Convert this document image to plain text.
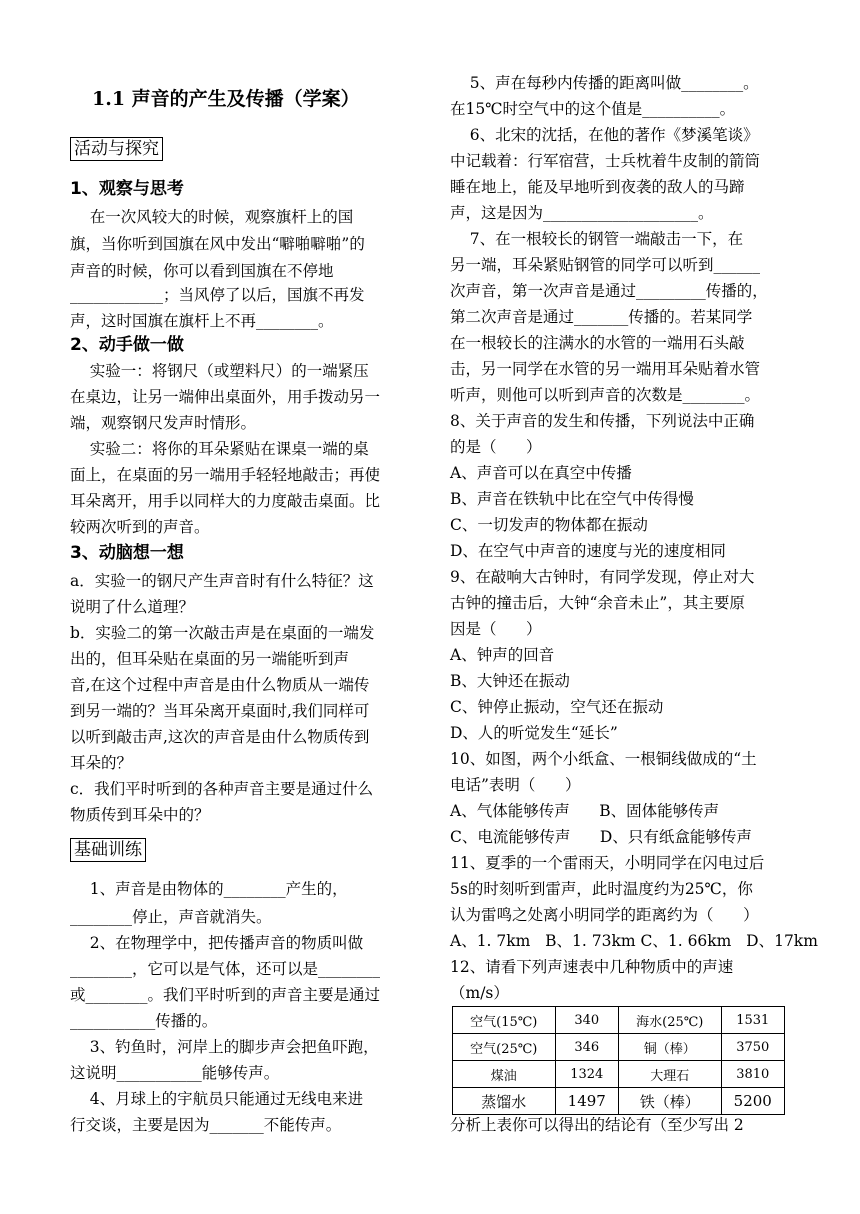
1.1 声音的产生及传播（学案）
活动与探究
1、观察与思考
在一次风较大的时候，观察旗杆上的国
旗，当你听到国旗在风中发出“噼啪噼啪”的
声音的时候，你可以看到国旗在不停地
____________；当风停了以后，国旗不再发
声，这时国旗在旗杆上不再________。
2、动手做一做
实验一：将钢尺（或塑料尺）的一端紧压
在桌边，让另一端伸出桌面外，用手拨动另一
端，观察钢尺发声时情形。
实验二：将你的耳朵紧贴在课桌一端的桌
面上，在桌面的另一端用手轻轻地敲击；再使
耳朵离开，用手以同样大的力度敲击桌面。比
较两次听到的声音。
3、动脑想一想
a．实验一的钢尺产生声音时有什么特征？这
说明了什么道理？
b．实验二的第一次敲击声是在桌面的一端发
出的，但耳朵贴在桌面的另一端能听到声
音,在这个过程中声音是由什么物质从一端传
到另一端的？当耳朵离开桌面时,我们同样可
以听到敲击声,这次的声音是由什么物质传到
耳朵的？
c．我们平时听到的各种声音主要是通过什么
物质传到耳朵中的？
基础训练
1、声音是由物体的________产生的，
________停止，声音就消失。
2、在物理学中，把传播声音的物质叫做
________，它可以是气体，还可以是________
或________。我们平时听到的声音主要是通过
___________传播的。
3、钓鱼时，河岸上的脚步声会把鱼吓跑，
这说明___________能够传声。
4、月球上的宇航员只能通过无线电来进
行交谈，主要是因为_______不能传声。
5、声在每秒内传播的距离叫做________。
在15℃时空气中的这个值是__________。
6、北宋的沈括，在他的著作《梦溪笔谈》
中记载着：行军宿营，士兵枕着牛皮制的箭筒
睡在地上，能及早地听到夜袭的敌人的马蹄
声，这是因为____________________。
7、在一根较长的钢管一端敲击一下，在
另一端，耳朵紧贴钢管的同学可以听到______
次声音，第一次声音是通过_________传播的，
第二次声音是通过_______传播的。若某同学
在一根较长的注满水的水管的一端用石头敲
击，另一同学在水管的另一端用耳朵贴着水管
听声，则他可以听到声音的次数是________。
8、关于声音的发生和传播，下列说法中正确
的是（      ）
A、声音可以在真空中传播
B、声音在铁轨中比在空气中传得慢
C、一切发声的物体都在振动
D、在空气中声音的速度与光的速度相同
9、在敲响大古钟时，有同学发现，停止对大
古钟的撞击后，大钟“余音未止”，其主要原
因是（      ）
A、钟声的回音
B、大钟还在振动
C、钟停止振动，空气还在振动
D、人的听觉发生“延长”
10、如图，两个小纸盒、一根铜线做成的“土
电话”表明（      ）
A、气体能够传声      B、固体能够传声
C、电流能够传声      D、只有纸盒能够传声
11、夏季的一个雷雨天，小明同学在闪电过后
5s的时刻听到雷声，此时温度约为25℃，你
认为雷鸣之处离小明同学的距离约为（      ）
A、1. 7km   B、1. 73km C、1. 66km   D、17km
12、请看下列声速表中几种物质中的声速
（m/s）
空气(15℃)	340	海水(25℃)	1531
空气(25℃)	346	铜（棒）	3750
煤油	1324	大理石	3810
蒸馏水	1497	铁（棒）	5200
分析上表你可以得出的结论有（至少写出 2
